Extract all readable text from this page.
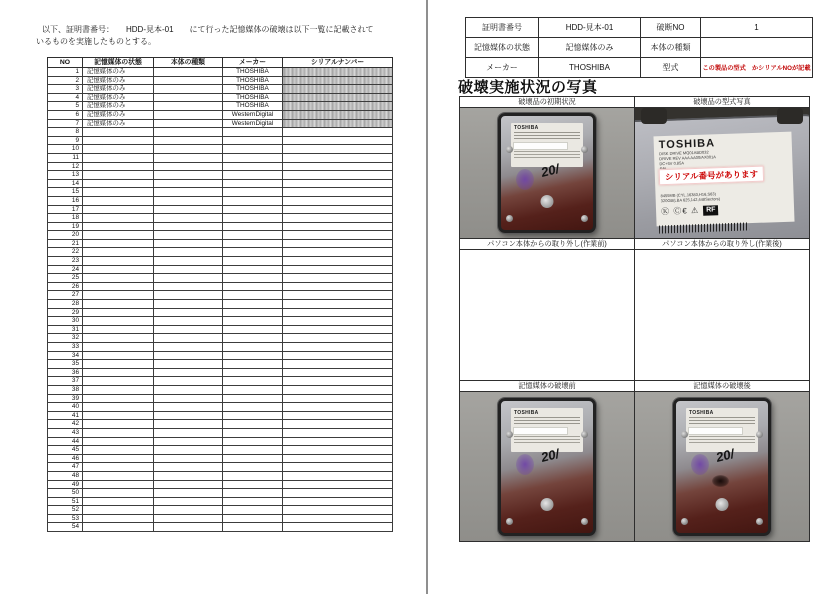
以下、証明書番号：　　HDD-見本-01　　にて行った記憶媒体の破壊は以下一覧に記載されて
いるものを実施したものとする。
NO	記憶媒体の状態	本体の種類	メーカー	シリアルナンバー
1	記憶媒体のみ		THOSHIBA	
2	記憶媒体のみ		THOSHIBA	
3	記憶媒体のみ		THOSHIBA	
4	記憶媒体のみ		THOSHIBA	
5	記憶媒体のみ		THOSHIBA	
6	記憶媒体のみ		WesternDigital	
7	記憶媒体のみ		WesternDigital	
8				
9				
10				
11				
12				
13				
14				
15				
16				
17				
18				
19				
20				
21				
22				
23				
24				
25				
26				
27				
28				
29				
30				
31				
32				
33				
34				
35				
36				
37				
38				
39				
40				
41				
42				
43				
44				
45				
46				
47				
48				
49				
50				
51				
52				
53				
54				
証明書番号	HDD-見本-01	破断NO	1
記憶媒体の状態	記憶媒体のみ	本体の種類	
メーカー	THOSHIBA	型式	この製品の型式　かシリアルNOが記載
破壊実施状況の写真
破壊品の初期状況	破壊品の型式写真

TOSHIBA
20/

TOSHIBA
DISK DRIVE MQ01ABD032
DRIVE REV AAA AA00/AX001A
DC+5V 0.85A
シリアル番号があります
8455MB (CYL.16383,H16,S63)
320GB(LBA 625,142,448Sectors)
Ⓚ Ⓒ€ ⚠ RF

パソコン本体からの取り外し(作業前)	パソコン本体からの取り外し(作業後)

記憶媒体の破壊前	記憶媒体の破壊後

TOSHIBA
20/

TOSHIBA
20/
